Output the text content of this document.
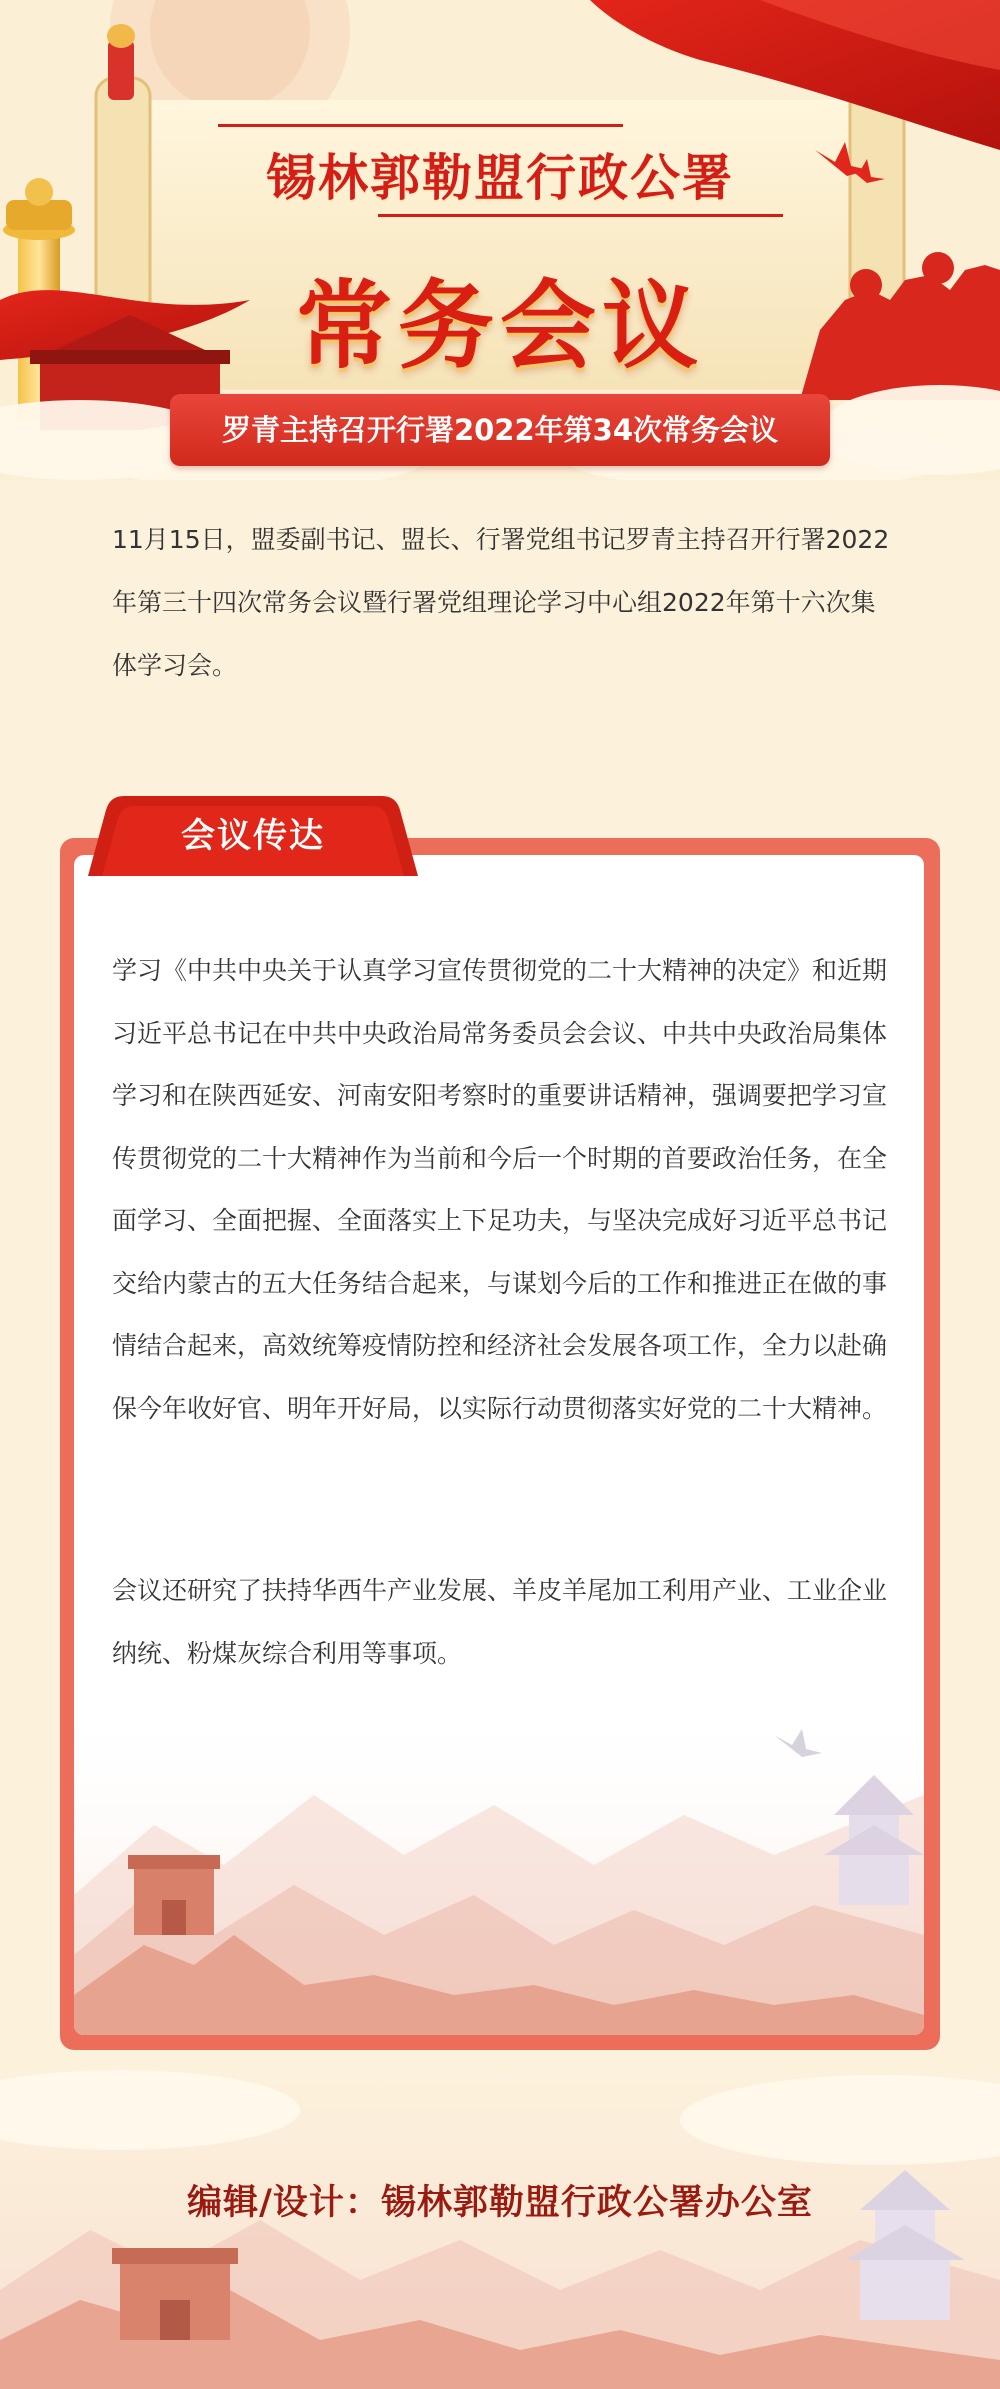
锡林郭勒盟行政公署
常务会议
罗青主持召开行署2022年第34次常务会议
11月15日，盟委副书记、盟长、行署党组书记罗青主持召开行署2022年第三十四次常务会议暨行署党组理论学习中心组2022年第十六次集体学习会。
会议传达
学习《中共中央关于认真学习宣传贯彻党的二十大精神的决定》和近期习近平总书记在中共中央政治局常务委员会会议、中共中央政治局集体学习和在陕西延安、河南安阳考察时的重要讲话精神，强调要把学习宣传贯彻党的二十大精神作为当前和今后一个时期的首要政治任务，在全面学习、全面把握、全面落实上下足功夫，与坚决完成好习近平总书记交给内蒙古的五大任务结合起来，与谋划今后的工作和推进正在做的事情结合起来，高效统筹疫情防控和经济社会发展各项工作，全力以赴确保今年收好官、明年开好局，以实际行动贯彻落实好党的二十大精神。
会议还研究了扶持华西牛产业发展、羊皮羊尾加工利用产业、工业企业纳统、粉煤灰综合利用等事项。
编辑/设计：锡林郭勒盟行政公署办公室
